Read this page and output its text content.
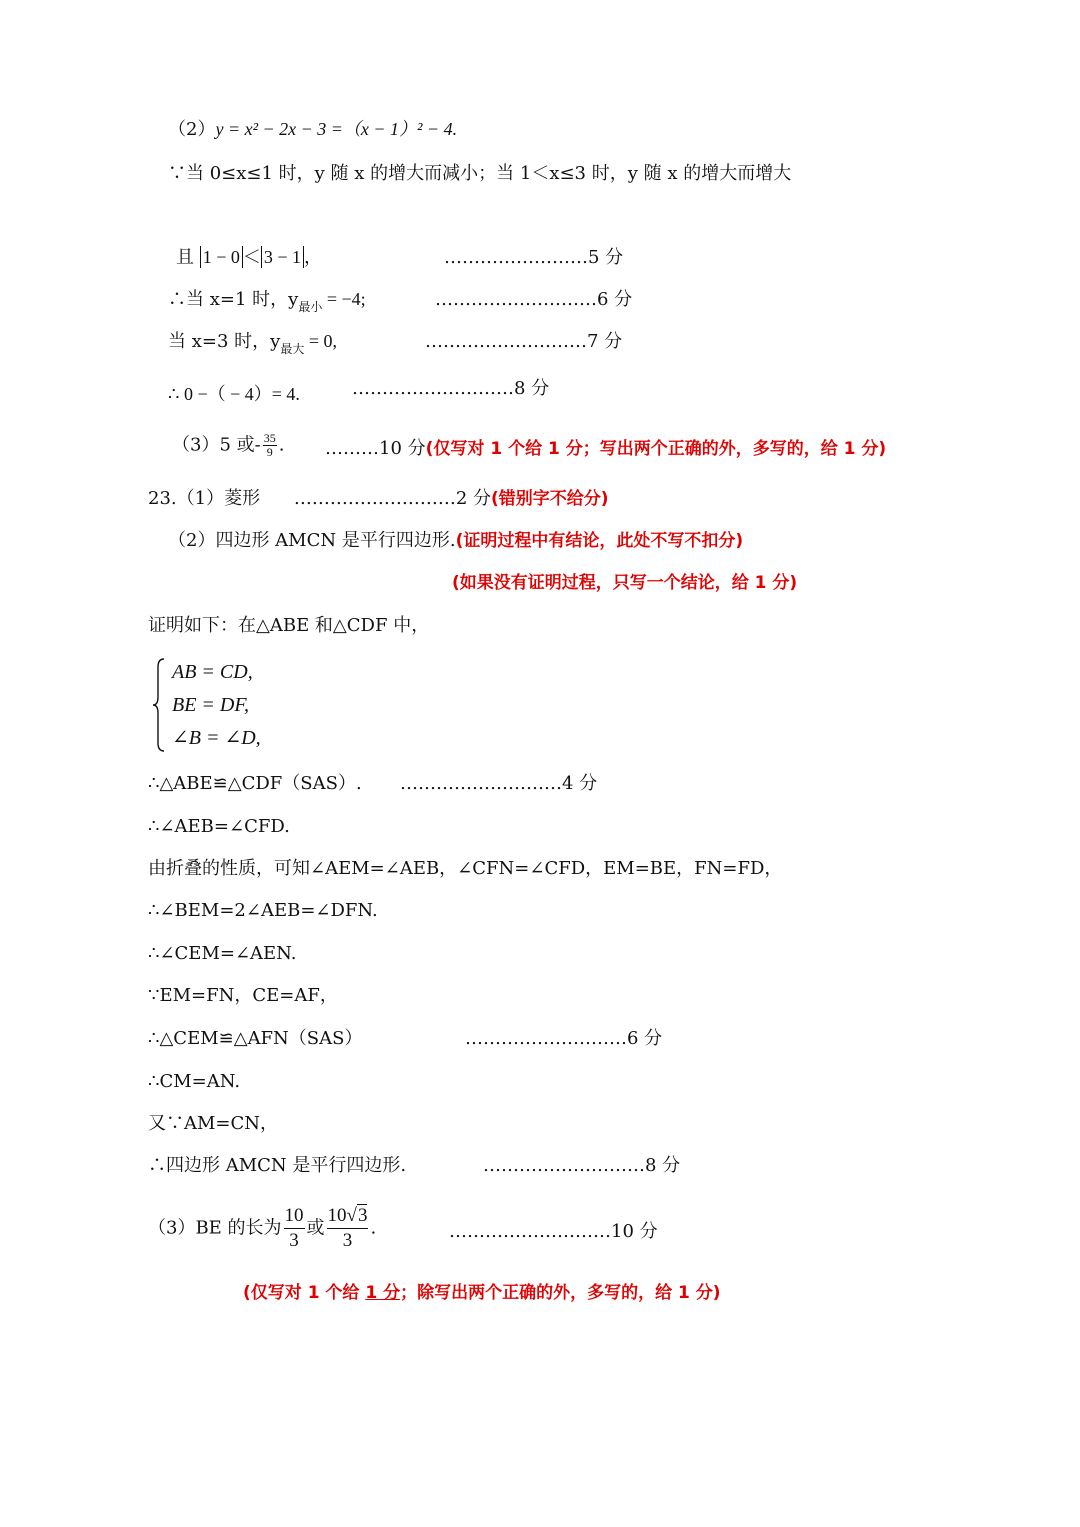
（2）y = x² − 2x − 3 =（x − 1）² − 4.
∵当 0≤x≤1 时，y 随 x 的增大而减小；当 1＜x≤3 时，y 随 x 的增大而增大
且 1 − 0 ＜ 3 − 1 ，	……………………5 分
∴当 x=1 时，$y_{最小} = -4$;	………………………6 分
当 x=3 时，$y_{最大} = 0$,	………………………7 分
∴ 0 −（ − 4）= 4.	………………………8 分
（3）5 或- $\frac{35}{9}$ . ………10 分(仅写对 1 个给 1 分；写出两个正确的外，多写的，给 1 分)
23.（1）菱形 ………………………2 分(错别字不给分)
（2）四边形 AMCN 是平行四边形.(证明过程中有结论，此处不写不扣分)
(如果没有证明过程，只写一个结论，给 1 分)
证明如下：在△ABE 和△CDF 中，
AB = CD,
BE = DF,
∠B = ∠D,
∴△ABE≌△CDF（SAS）. ………………………4 分
∴∠AEB=∠CFD.
由折叠的性质，可知∠AEM=∠AEB，∠CFN=∠CFD，EM=BE，FN=FD，
∴∠BEM=2∠AEB=∠DFN.
∴∠CEM=∠AEN.
∵EM=FN，CE=AF，
∴△CEM≌△AFN（SAS）	………………………6 分
∴CM=AN.
又∵AM=CN，
∴四边形 AMCN 是平行四边形.	………………………8 分
（3）BE 的长为 $\frac{10}{3}$ 或 $\frac{10√3}{3}$ .	………………………10 分
(仅写对 1 个给 1 分；除写出两个正确的外，多写的，给 1 分)
